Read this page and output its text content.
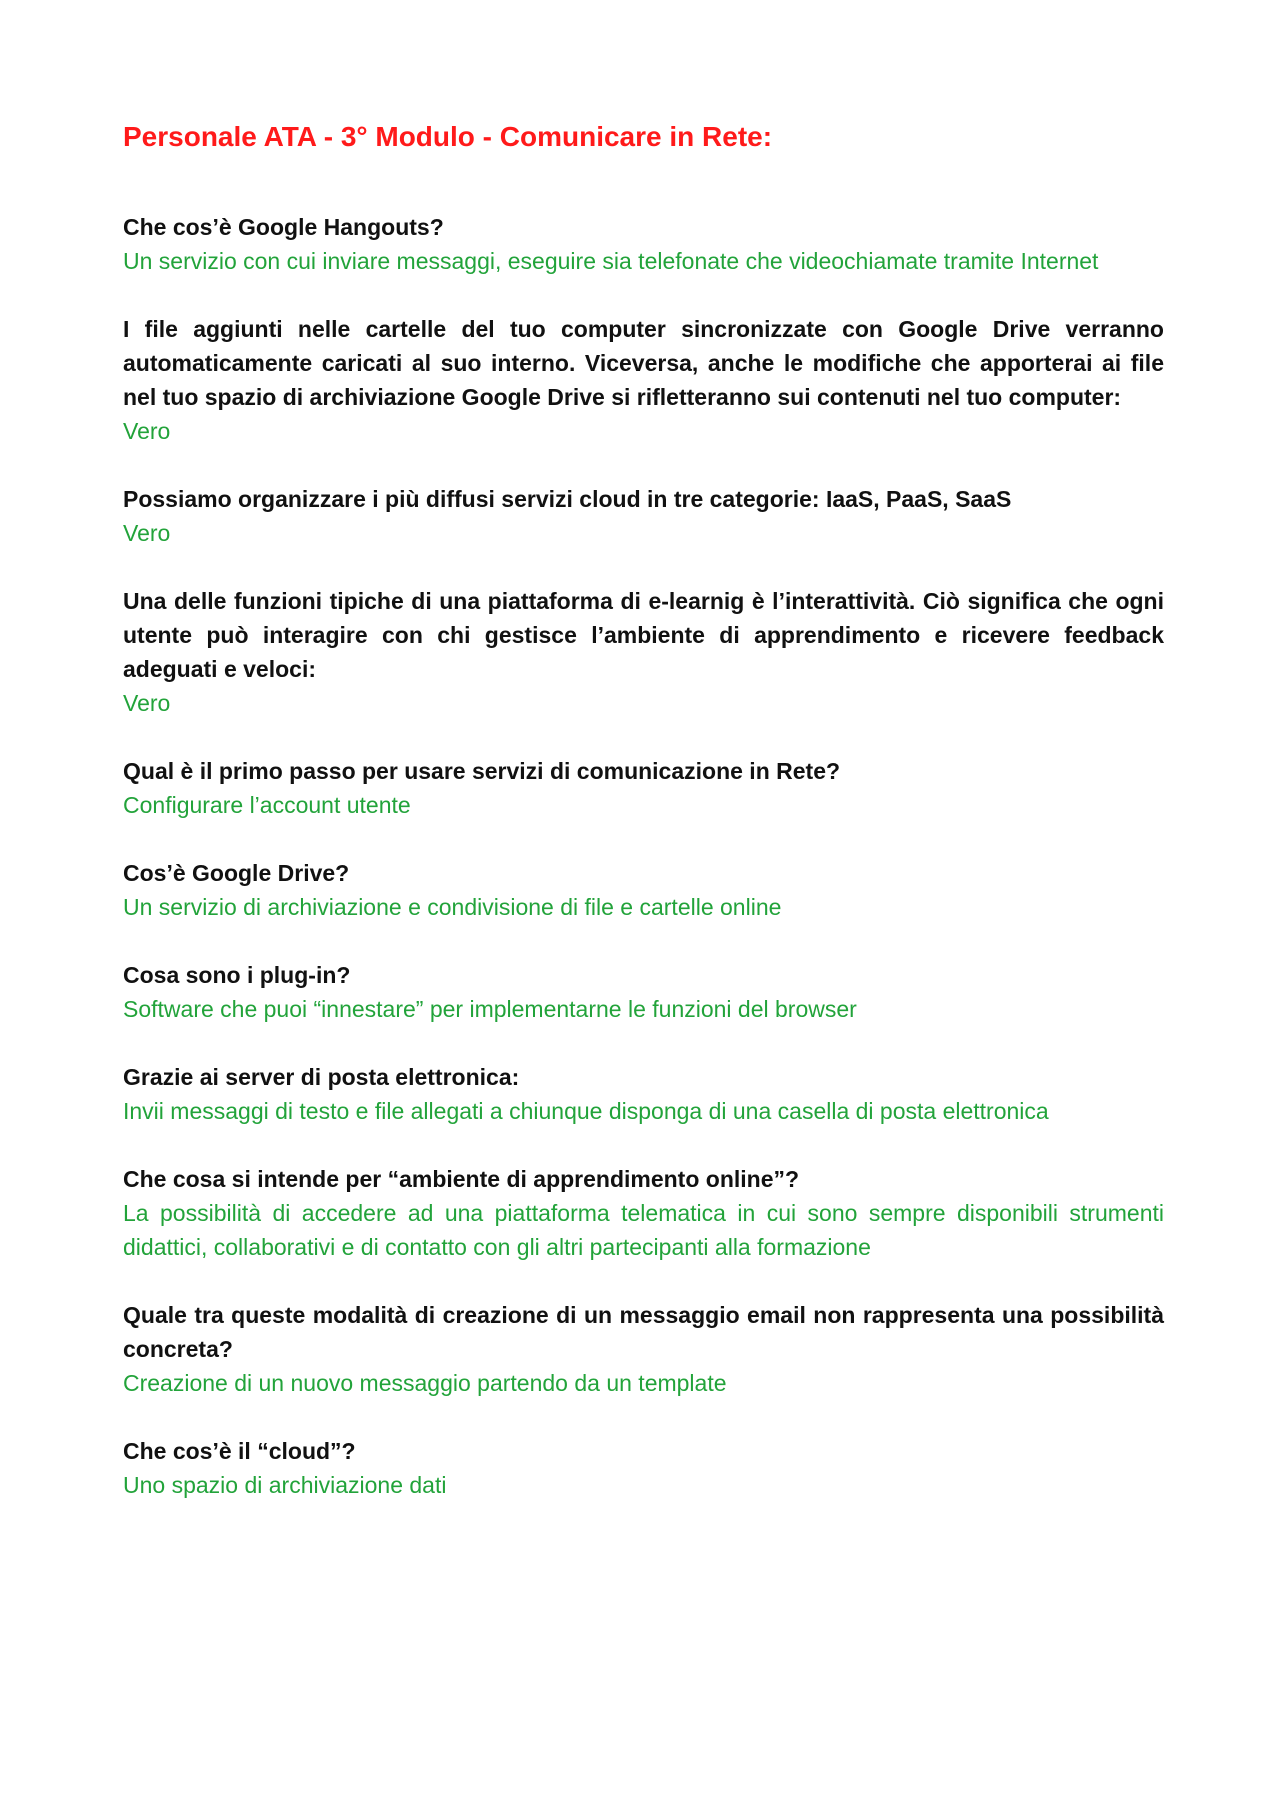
Personale ATA - 3° Modulo - Comunicare in Rete:

Che cos’è Google Hangouts?

Un servizio con cui inviare messaggi, eseguire sia telefonate che videochiamate tramite Internet

I file aggiunti nelle cartelle del tuo computer sincronizzate con Google Drive verranno automaticamente caricati al suo interno. Viceversa, anche le modifiche che apporterai ai file nel tuo spazio di archiviazione Google Drive si rifletteranno sui contenuti nel tuo computer:

Vero

Possiamo organizzare i più diffusi servizi cloud in tre categorie: IaaS, PaaS, SaaS

Vero

Una delle funzioni tipiche di una piattaforma di e-learnig è l’interattività. Ciò significa che ogni utente può interagire con chi gestisce l’ambiente di apprendimento e ricevere feedback adeguati e veloci:

Vero

Qual è il primo passo per usare servizi di comunicazione in Rete?

Configurare l’account utente

Cos’è Google Drive?

Un servizio di archiviazione e condivisione di file e cartelle online

Cosa sono i plug-in?

Software che puoi “innestare” per implementarne le funzioni del browser

Grazie ai server di posta elettronica:

Invii messaggi di testo e file allegati a chiunque disponga di una casella di posta elettronica

Che cosa si intende per “ambiente di apprendimento online”?

La possibilità di accedere ad una piattaforma telematica in cui sono sempre disponibili strumenti didattici, collaborativi e di contatto con gli altri partecipanti alla formazione

Quale tra queste modalità di creazione di un messaggio email non rappresenta una possibilità concreta?

Creazione di un nuovo messaggio partendo da un template

Che cos’è il “cloud”?

Uno spazio di archiviazione dati
